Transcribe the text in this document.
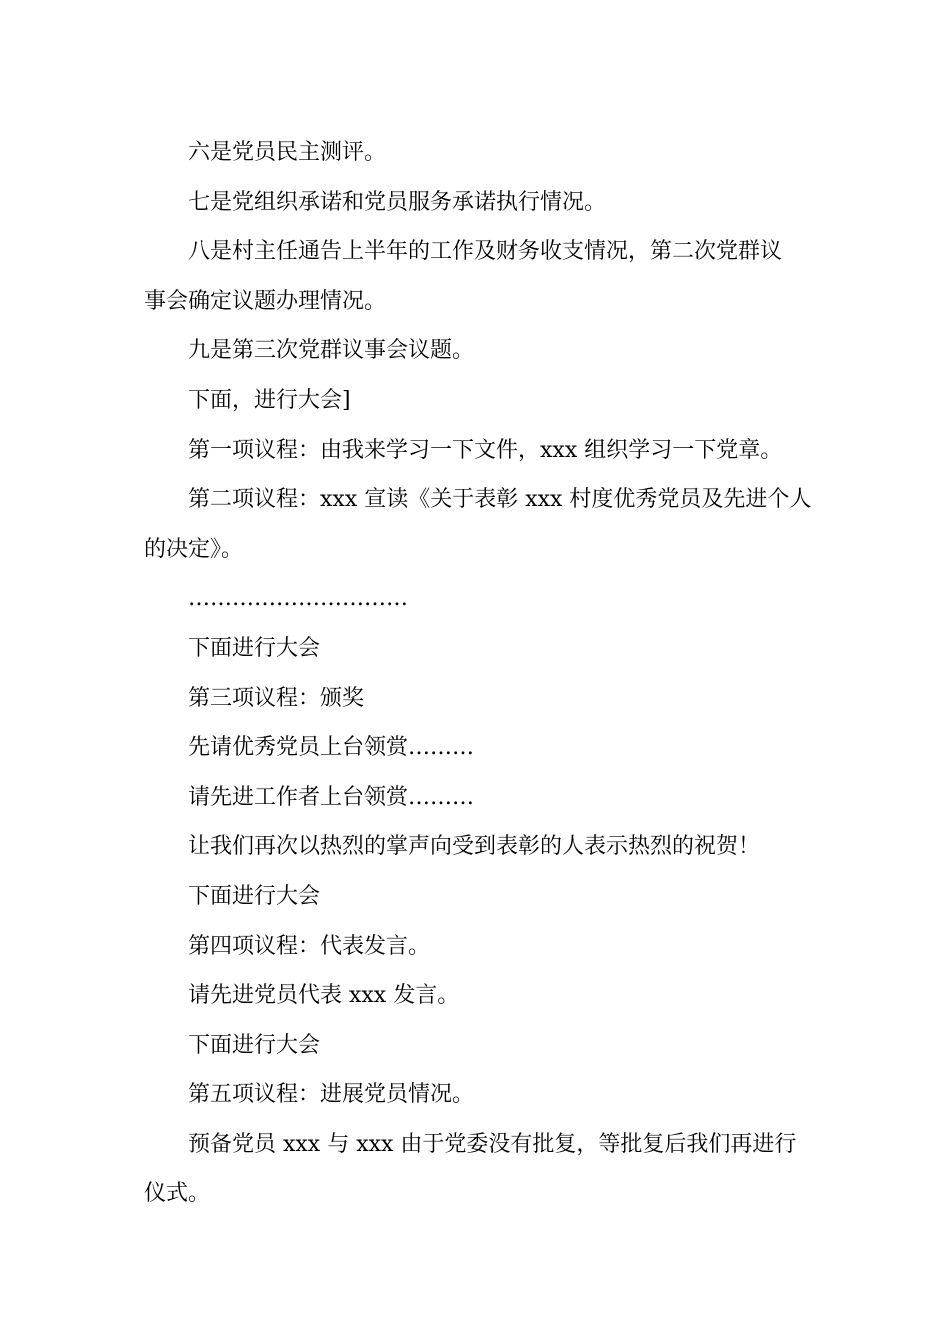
六是党员民主测评。

七是党组织承诺和党员服务承诺执行情况。

八是村主任通告上半年的工作及财务收支情况，第二次党群议

事会确定议题办理情况。

九是第三次党群议事会议题。

下面，进行大会]

第一项议程：由我来学习一下文件，xxx 组织学习一下党章。

第二项议程：xxx 宣读《关于表彰 xxx 村度优秀党员及先进个人

的决定》。

…………………………

下面进行大会

第三项议程：颁奖

先请优秀党员上台领赏………

请先进工作者上台领赏………

让我们再次以热烈的掌声向受到表彰的人表示热烈的祝贺！

下面进行大会

第四项议程：代表发言。

请先进党员代表 xxx 发言。

下面进行大会

第五项议程：进展党员情况。

预备党员 xxx 与 xxx 由于党委没有批复，等批复后我们再进行

仪式。
